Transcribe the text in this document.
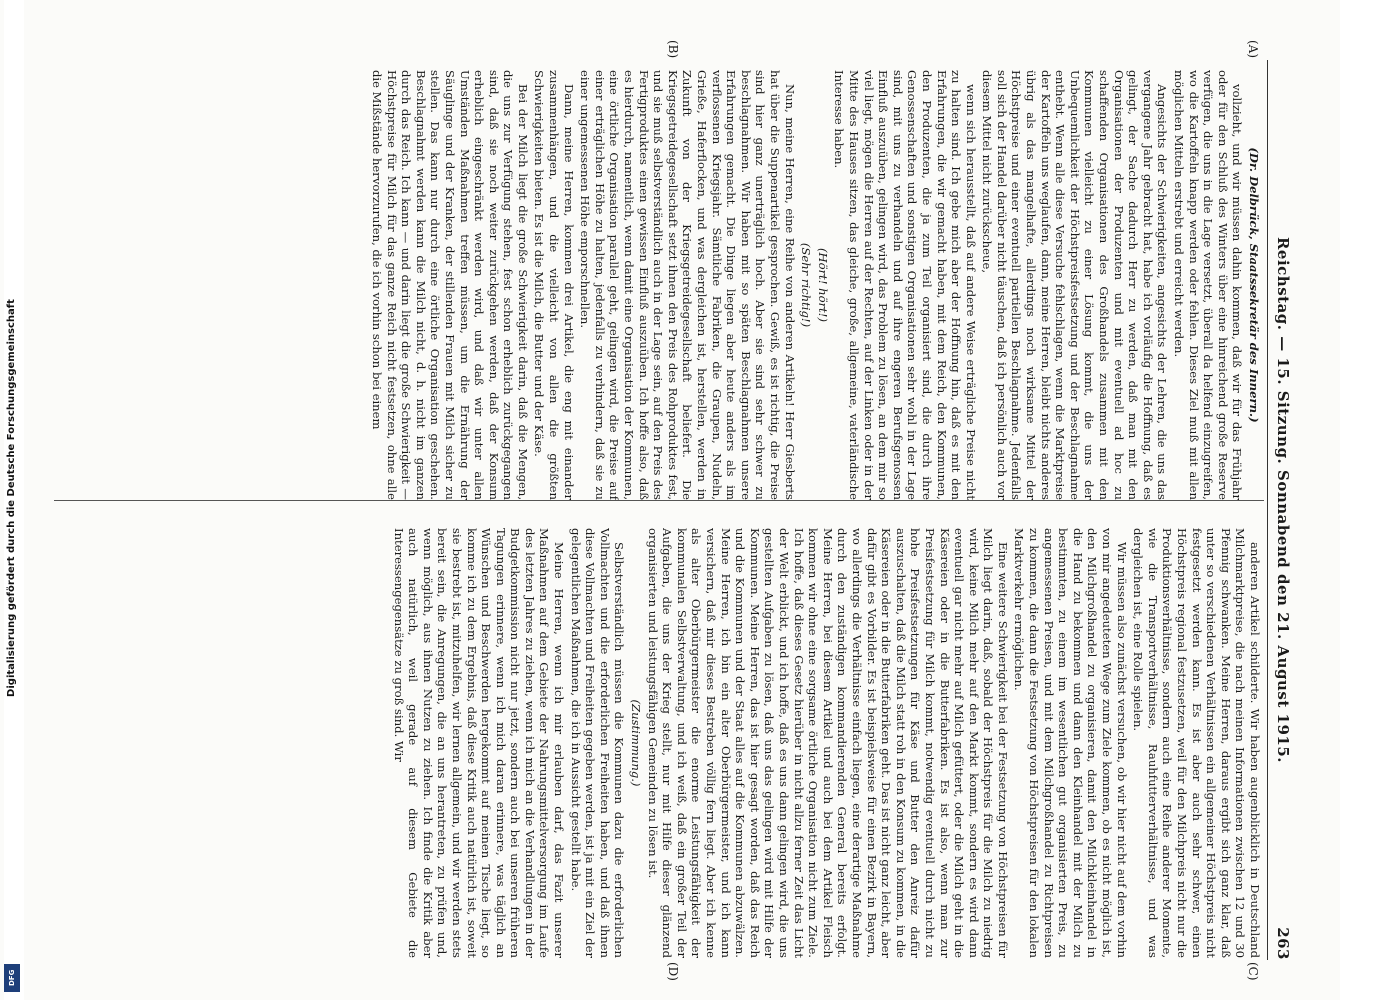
Reichstag. — 15. Sitzung. Sonnabend den 21. August 1915.
263
(A)
(B)
(C)
(D)

(Dr. Delbrück, Staatssekretär des Innern.)

vollzieht, und wir müssen dahin kommen, daß wir für das Frühjahr oder für den Schluß des Winters über eine hinreichend große Reserve verfügen, die uns in die Lage versetzt, überall da helfend einzugreifen, wo die Kartoffeln knapp werden oder fehlen. Dieses Ziel muß mit allen möglichen Mitteln erstrebt und erreicht werden.

Angesichts der Schwierigkeiten, angesichts der Lehren, die uns das vergangene Jahr gebracht hat, habe ich vorläufig die Hoffnung, daß es gelingt, der Sache dadurch Herr zu werden, daß man mit den Organisationen der Produzenten und mit eventuell ad hoc zu schaffenden Organisationen des Großhandels zusammen mit den Kommunen vielleicht zu einer Lösung kommt, die uns der Unbequemlichkeit der Höchstpreisfestsetzung und der Beschlagnahme enthebt. Wenn alle diese Versuche fehlschlagen, wenn die Marktpreise der Kartoffeln uns weglaufen, dann, meine Herren, bleibt nichts anderes übrig als das mangelhafte, allerdings noch wirksame Mittel der Höchstpreise und einer eventuell partiellen Beschlagnahme. Jedenfalls soll sich der Handel darüber nicht täuschen, daß ich persönlich auch vor diesem Mittel nicht zurückscheue,

wenn sich herausstellt, daß auf andere Weise erträgliche Preise nicht zu halten sind. Ich gebe mich aber der Hoffnung hin, daß es mit den Erfahrungen, die wir gemacht haben, mit dem Reich, den Kommunen, den Produzenten, die ja zum Teil organisiert sind, die durch ihre Genossenschaften und sonstigen Organisationen sehr wohl in der Lage sind, mit uns zu verhandeln und auf ihre engeren Berufsgenossen Einfluß auszuüben, gelingen wird, das Problem zu lösen, an dem mir so viel liegt, mögen die Herren auf der Rechten, auf der Linken oder in der Mitte des Hauses sitzen, das gleiche, große, allgemeine, vaterländische Interesse haben.

(Hört! hört!)

(Sehr richtig!)

Nun, meine Herren, eine Reihe von anderen Artikeln! Herr Giesberts hat über die Suppenartikel gesprochen. Gewiß, es ist richtig, die Preise sind hier ganz unerträglich hoch. Aber sie sind sehr schwer zu beschlagnahmen. Wir haben mit so späten Beschlagnahmen unsere Erfahrungen gemacht. Die Dinge liegen aber heute anders als im verflossenen Kriegsjahr. Sämtliche Fabriken, die Graupen, Nudeln, Grieße, Haferflocken, und was dergleichen ist, herstellen, werden in Zukunft von der Kriegsgetreidegesellschaft beliefert. Die Kriegsgetreidegesellschaft setzt ihnen den Preis des Rohproduktes fest, und sie muß selbstverständlich auch in der Lage sein, auf den Preis des Fertigproduktes einen gewissen Einfluß auszuüben. Ich hoffe also, daß es hierdurch, namentlich, wenn damit eine Organisation der Kommunen, eine örtliche Organisation parallel geht, gelingen wird, die Preise auf einer erträglichen Höhe zu halten, jedenfalls zu verhindern, daß sie zu einer ungemessenen Höhe emporschnellen.

Dann, meine Herren, kommen drei Artikel, die eng mit einander zusammenhängen, und die vielleicht von allen die größten Schwierigkeiten bieten. Es ist die Milch, die Butter und der Käse.

Bei der Milch liegt die große Schwierigkeit darin, daß die Mengen, die uns zur Verfügung stehen, fest schon erheblich zurückgegangen sind, daß sie noch weiter zurückgehen werden, daß der Konsum erheblich eingeschränkt werden wird, und daß wir unter allen Umständen Maßnahmen treffen müssen, um die Ernährung der Säuglinge und der Kranken, der stillenden Frauen mit Milch sicher zu stellen. Das kann nur durch eine örtliche Organisation geschehen. Beschlagnahmt werden kann die Milch nicht, d. h. nicht im ganzen durch das Reich. Ich kann — und darin liegt die große Schwierigkeit — Höchstpreise für Milch für das ganze Reich nicht festsetzen, ohne alle die Mißstände hervorzurufen, die ich vorhin schon bei einem

anderen Artikel schilderte. Wir haben augenblicklich in Deutschland Milchmarktpreise, die nach meinen Informationen zwischen 12 und 30 Pfennig schwanken. Meine Herren, daraus ergibt sich ganz klar, daß unter so verschiedenen Verhältnissen ein allgemeiner Höchstpreis nicht festgesetzt werden kann. Es ist aber auch sehr schwer, einen Höchstpreis regional festzusetzen, weil für den Milchpreis nicht nur die Produktionsverhältnisse, sondern auch eine Reihe anderer Momente, wie die Transportverhältnisse, Rauhfutterverhältnisse, und was dergleichen ist, eine Rolle spielen.

Wir müssen also zunächst versuchen, ob wir hier nicht auf dem vorhin von mir angedeuteten Wege zum Ziele kommen, ob es nicht möglich ist, den Milchgroßhandel zu organisieren, damit den Milchkleinhandel in die Hand zu bekommen und dann den Kleinhandel mit der Milch zu bestimmten, zu einem im wesentlichen gut organisierten Preis, zu angemessenen Preisen, und mit dem Milchgroßhandel zu Richtpreisen zu kommen, die dann die Festsetzung von Höchstpreisen für den lokalen Marktverkehr ermöglichen.

Eine weitere Schwierigkeit bei der Festsetzung von Höchstpreisen für Milch liegt darin, daß, sobald der Höchstpreis für die Milch zu niedrig wird, keine Milch mehr auf den Markt kommt, sondern es wird dann eventuell gar nicht mehr auf Milch gefüttert, oder die Milch geht in die Käsereien oder in die Butterfabriken. Es ist also, wenn man zur Preisfestsetzung für Milch kommt, notwendig eventuell durch nicht zu hohe Preisfestsetzungen für Käse und Butter den Anreiz dafür auszuschalten, daß die Milch statt roh in den Konsum zu kommen, in die Käsereien oder in die Butterfabriken geht. Das ist nicht ganz leicht, aber dafür gibt es Vorbilder. Es ist beispielsweise für einen Bezirk in Bayern, wo allerdings die Verhältnisse einfach liegen, eine derartige Maßnahme durch den zuständigen kommandierenden General bereits erfolgt. Meine Herren, bei diesem Artikel und auch bei dem Artikel Fleisch kommen wir ohne eine sorgsame örtliche Organisation nicht zum Ziele. Ich hoffe, daß dieses Gesetz hierüber in nicht allzu ferner Zeit das Licht der Welt erblickt, und ich hoffe, daß es uns dann gelingen wird, die uns gestellten Aufgaben zu lösen, daß uns das gelingen wird mit Hilfe der Kommunen. Meine Herren, das ist hier gesagt worden, daß das Reich und die Kommunen und der Staat alles auf die Kommunen abzuwälzen. Meine Herren, ich bin ein alter Oberbürgermeister, und ich kann versichern, daß mir dieses Bestreben völlig fern liegt. Aber ich kenne als alter Oberbürgermeister die enorme Leistungsfähigkeit der kommunalen Selbstverwaltung, und ich weiß, daß ein großer Teil der Aufgaben, die uns der Krieg stellt, nur mit Hilfe dieser glänzend organisierten und leistungsfähigen Gemeinden zu lösen ist.

(Zustimmung.)

Selbstverständlich müssen die Kommunen dazu die erforderlichen Vollmachten und die erforderlichen Freiheiten haben, und daß ihnen diese Vollmachten und Freiheiten gegeben werden, ist ja mit ein Ziel der gelegentlichen Maßnahmen, die ich in Aussicht gestellt habe.

Meine Herren, wenn ich mir erlauben darf, das Fazit unserer Maßnahmen auf dem Gebiete der Nahrungsmittelversorgung im Laufe des letzten Jahres zu ziehen, wenn ich mich an die Verhandlungen in der Budgetkommission nicht nur jetzt, sondern auch bei unseren früheren Tagungen erinnere, wenn ich mich daran erinnere, was täglich an Wünschen und Beschwerden hergekommt auf meinen Tische liegt, so komme ich zu dem Ergebnis, daß diese Kritik auch natürlich ist, soweit sie bestrebt ist, mitzuhelfen, wir lernen allgemein, und wir werden stets bereit sein, die Anregungen, die an uns herantreten, zu prüfen und, wenn möglich, aus ihnen Nutzen zu ziehen. Ich finde die Kritik aber auch natürlich, weil gerade auf diesem Gebiete die Interessengegensätze zu groß sind. Wir

Digitalisierung gefördert durch die Deutsche Forschungsgemeinschaft
DFG
